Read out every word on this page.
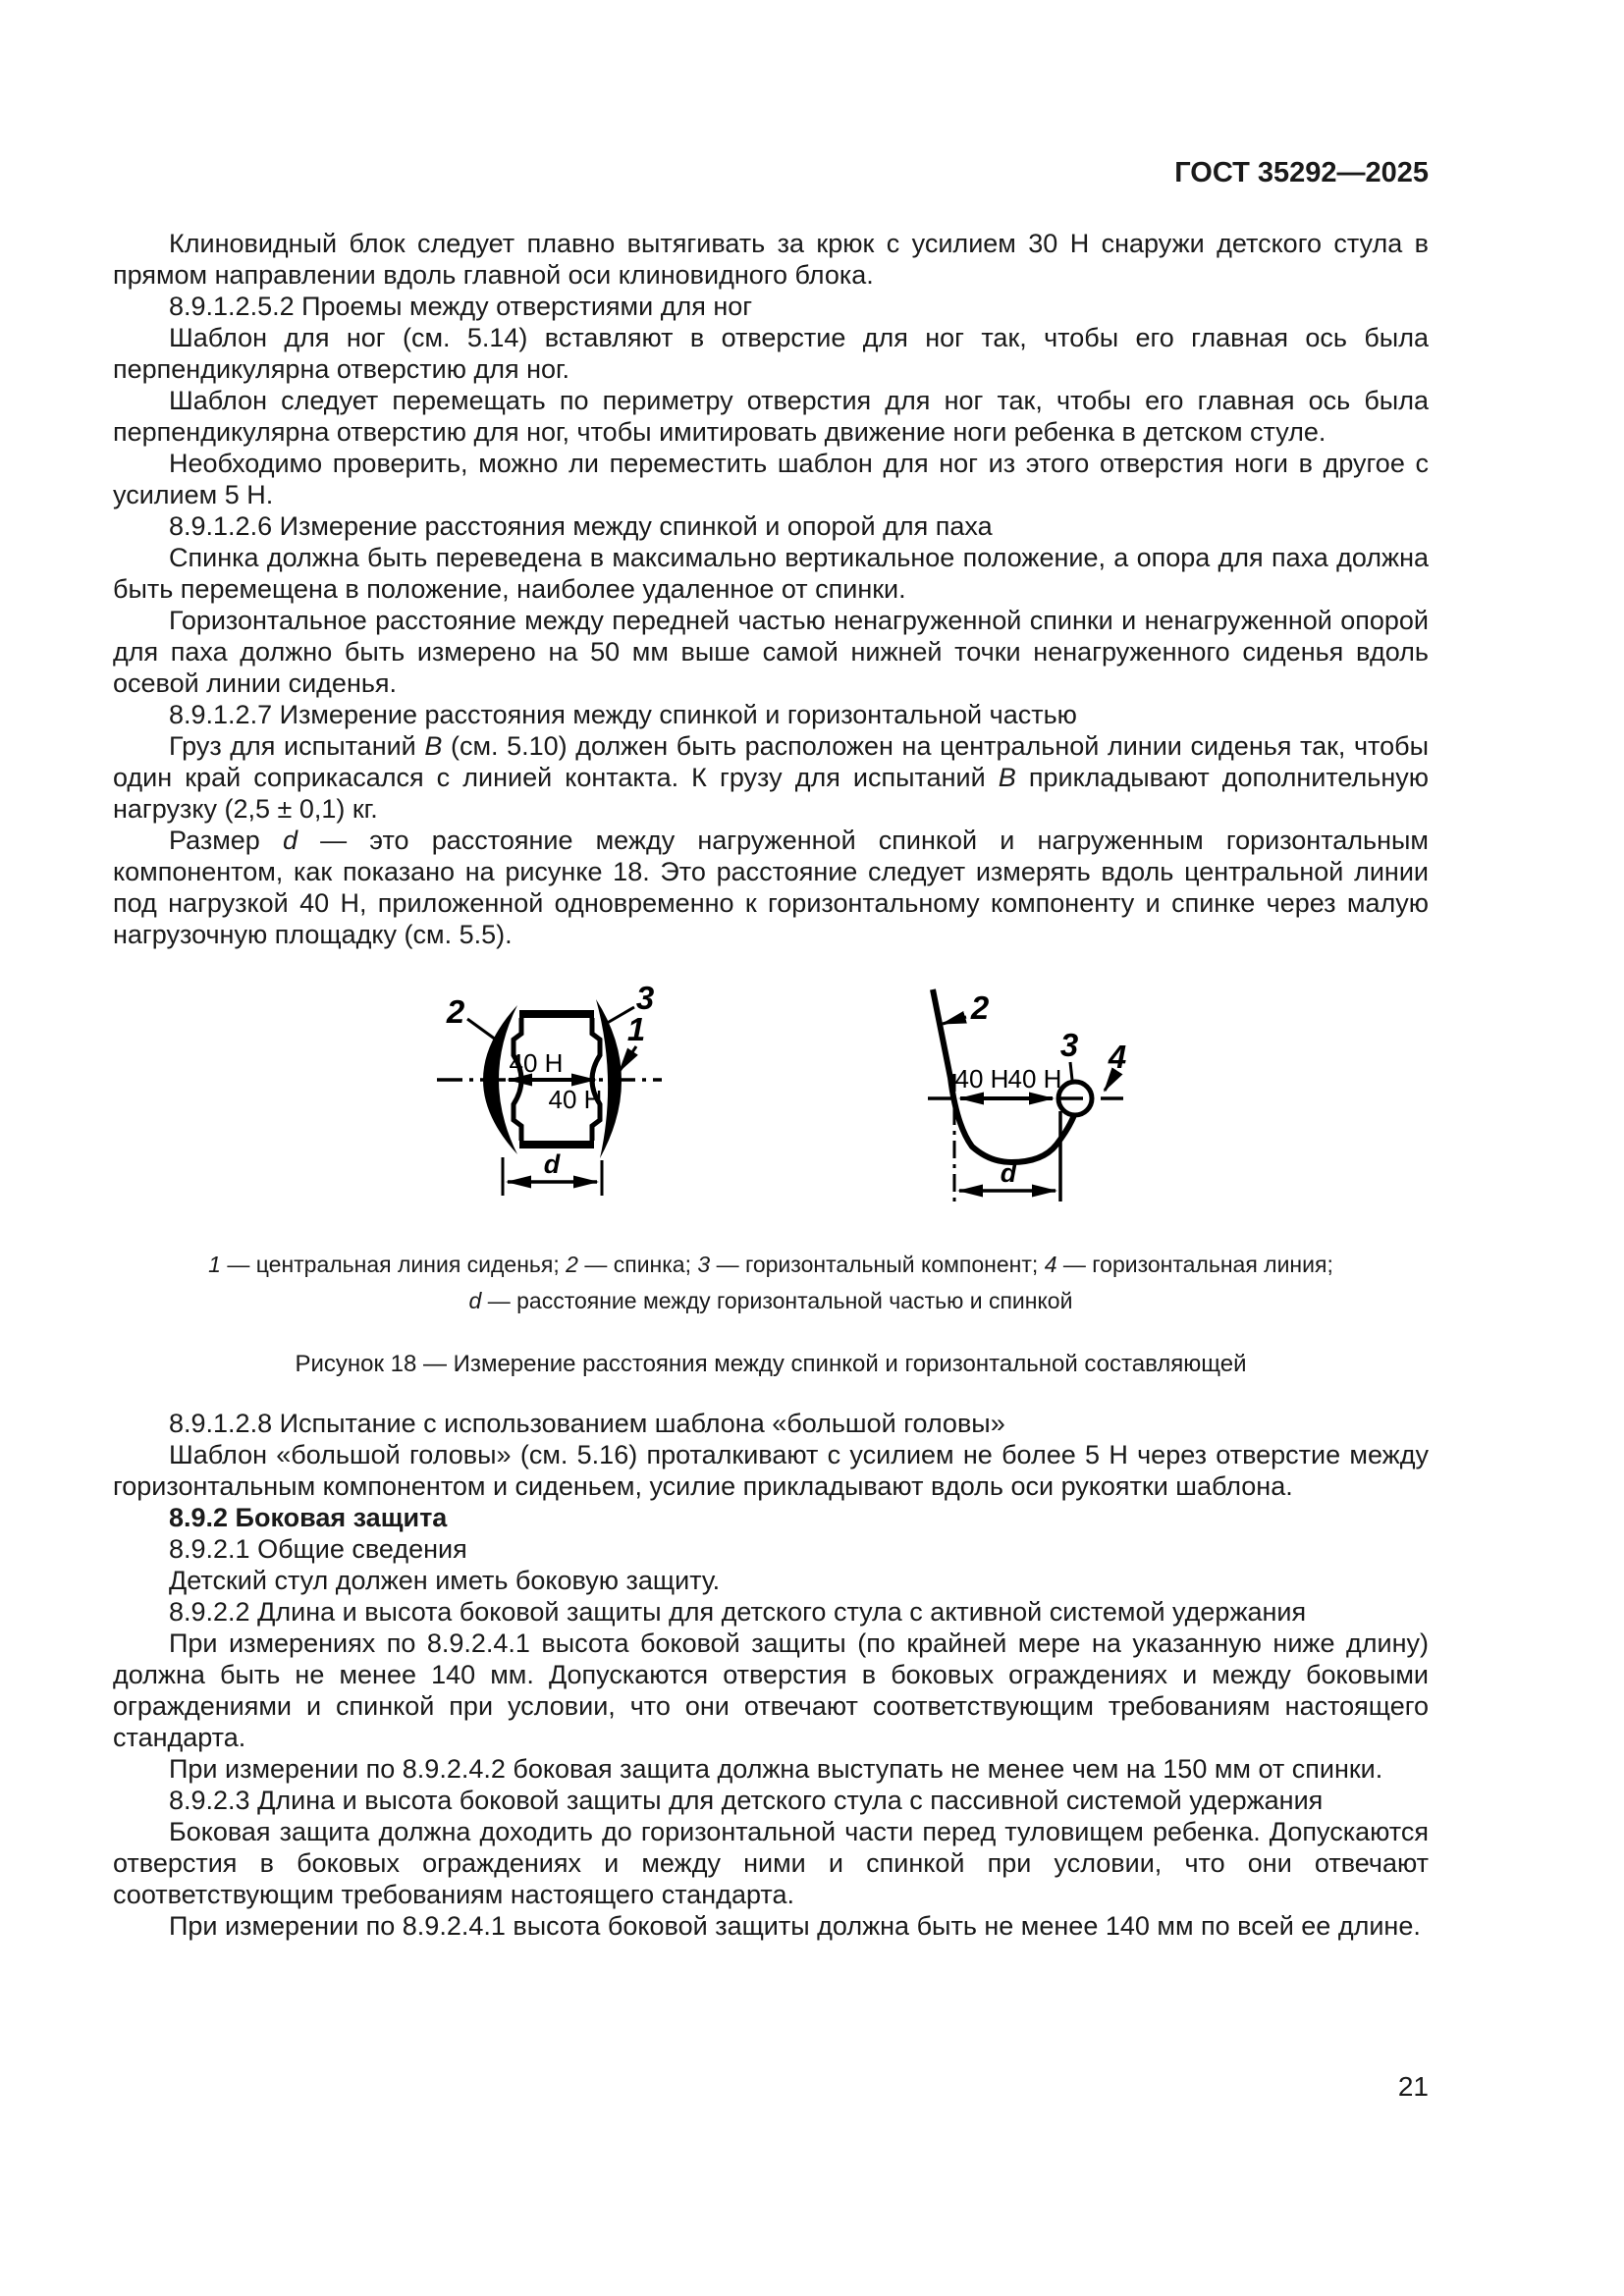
ГОСТ 35292—2025

Клиновидный блок следует плавно вытягивать за крюк с усилием 30 Н снаружи детского стула в прямом направлении вдоль главной оси клиновидного блока.

8.9.1.2.5.2 Проемы между отверстиями для ног

Шаблон для ног (см. 5.14) вставляют в отверстие для ног так, чтобы его главная ось была перпендикулярна отверстию для ног.

Шаблон следует перемещать по периметру отверстия для ног так, чтобы его главная ось была перпендикулярна отверстию для ног, чтобы имитировать движение ноги ребенка в детском стуле.

Необходимо проверить, можно ли переместить шаблон для ног из этого отверстия ноги в другое с усилием 5 Н.

8.9.1.2.6 Измерение расстояния между спинкой и опорой для паха

Спинка должна быть переведена в максимально вертикальное положение, а опора для паха должна быть перемещена в положение, наиболее удаленное от спинки.

Горизонтальное расстояние между передней частью ненагруженной спинки и ненагруженной опорой для паха должно быть измерено на 50 мм выше самой нижней точки ненагруженного сиденья вдоль осевой линии сиденья.

8.9.1.2.7 Измерение расстояния между спинкой и горизонтальной частью

Груз для испытаний B (см. 5.10) должен быть расположен на центральной линии сиденья так, чтобы один край соприкасался с линией контакта. К грузу для испытаний B прикладывают дополнительную нагрузку (2,5 ± 0,1) кг.

Размер d — это расстояние между нагруженной спинкой и нагруженным горизонтальным компонентом, как показано на рисунке 18. Это расстояние следует измерять вдоль центральной линии под нагрузкой 40 Н, приложенной одновременно к горизонтальному компоненту и спинке через малую нагрузочную площадку (см. 5.5).

40 Н
40 Н
2	3
1
d
40 Н 40 Н
2
3 4
d

1 — центральная линия сиденья; 2 — спинка; 3 — горизонтальный компонент; 4 — горизонтальная линия;
d — расстояние между горизонтальной частью и спинкой

Рисунок 18 — Измерение расстояния между спинкой и горизонтальной составляющей

8.9.1.2.8 Испытание с использованием шаблона «большой головы»

Шаблон «большой головы» (см. 5.16) проталкивают с усилием не более 5 Н через отверстие между горизонтальным компонентом и сиденьем, усилие прикладывают вдоль оси рукоятки шаблона.

8.9.2 Боковая защита

8.9.2.1 Общие сведения

Детский стул должен иметь боковую защиту.

8.9.2.2 Длина и высота боковой защиты для детского стула с активной системой удержания

При измерениях по 8.9.2.4.1 высота боковой защиты (по крайней мере на указанную ниже длину) должна быть не менее 140 мм. Допускаются отверстия в боковых ограждениях и между боковыми ограждениями и спинкой при условии, что они отвечают соответствующим требованиям настоящего стандарта.

При измерении по 8.9.2.4.2 боковая защита должна выступать не менее чем на 150 мм от спинки.

8.9.2.3 Длина и высота боковой защиты для детского стула с пассивной системой удержания

Боковая защита должна доходить до горизонтальной части перед туловищем ребенка. Допускаются отверстия в боковых ограждениях и между ними и спинкой при условии, что они отвечают соответствующим требованиям настоящего стандарта.

При измерении по 8.9.2.4.1 высота боковой защиты должна быть не менее 140 мм по всей ее длине.

21
